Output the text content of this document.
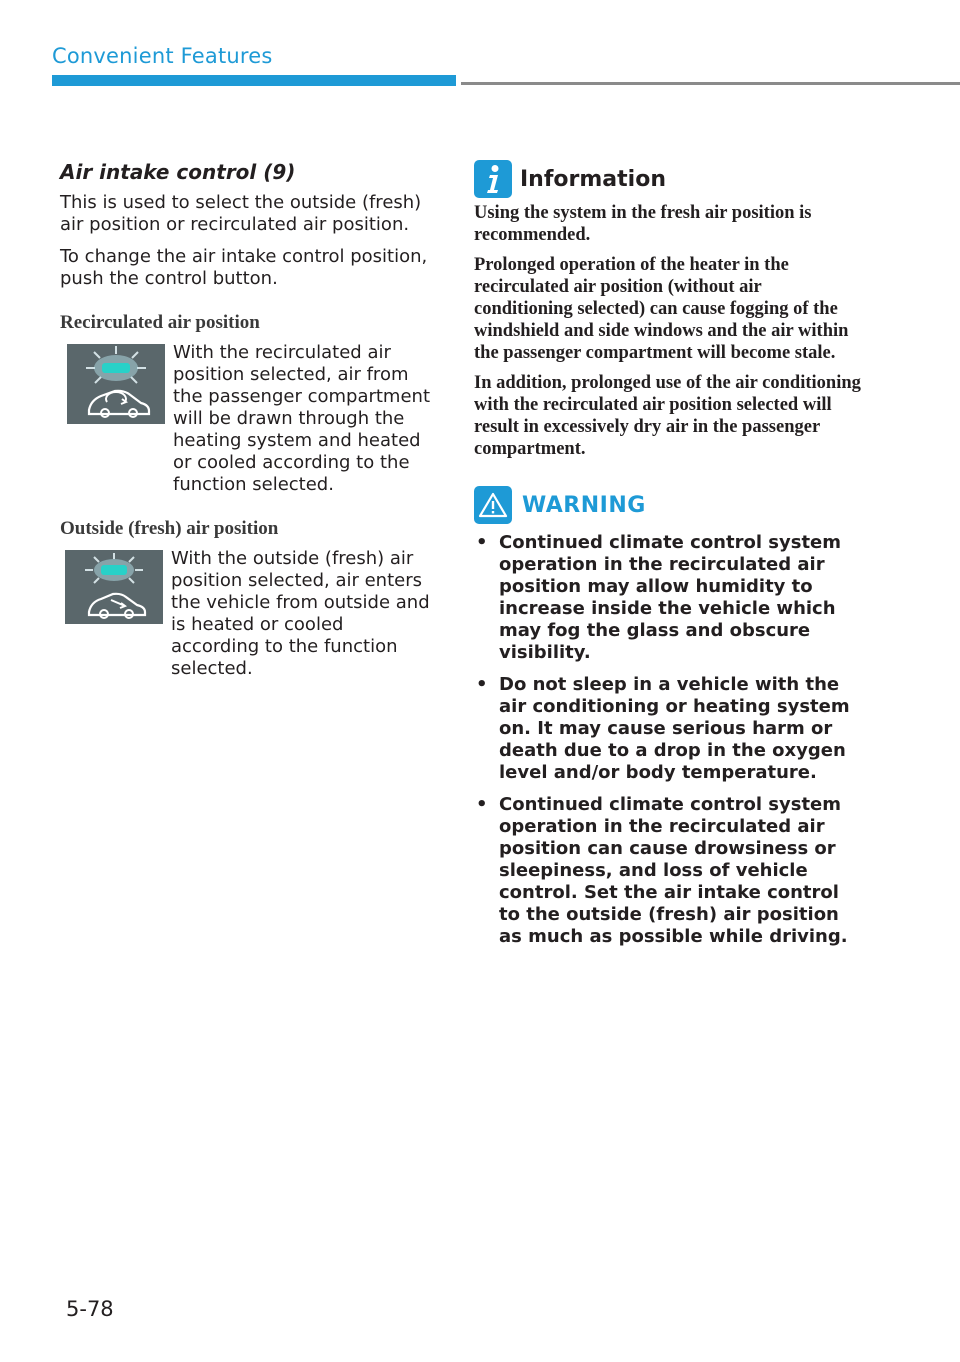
Convenient Features
Air intake control (9)

This is used to select the outside (fresh) air position or recirculated air position.

To change the air intake control position, push the control button.

Recirculated air position
With the recirculated air position selected, air from the passenger compartment will be drawn through the heating system and heated or cooled according to the function selected.
Outside (fresh) air position
With the outside (fresh) air position selected, air enters the vehicle from outside and is heated or cooled according to the function selected.
Information

Using the system in the fresh air position is recommended.

Prolonged operation of the heater in the recirculated air position (without air conditioning selected) can cause fogging of the windshield and side windows and the air within the passenger compartment will become stale.

In addition, prolonged use of the air conditioning with the recirculated air position selected will result in excessively dry air in the passenger compartment.

WARNING
• Continued climate control system operation in the recirculated air position may allow humidity to increase inside the vehicle which may fog the glass and obscure visibility.
• Do not sleep in a vehicle with the air conditioning or heating system on. It may cause serious harm or death due to a drop in the oxygen level and/or body temperature.
• Continued climate control system operation in the recirculated air position can cause drowsiness or sleepiness, and loss of vehicle control. Set the air intake control to the outside (fresh) air position as much as possible while driving.
5-78
